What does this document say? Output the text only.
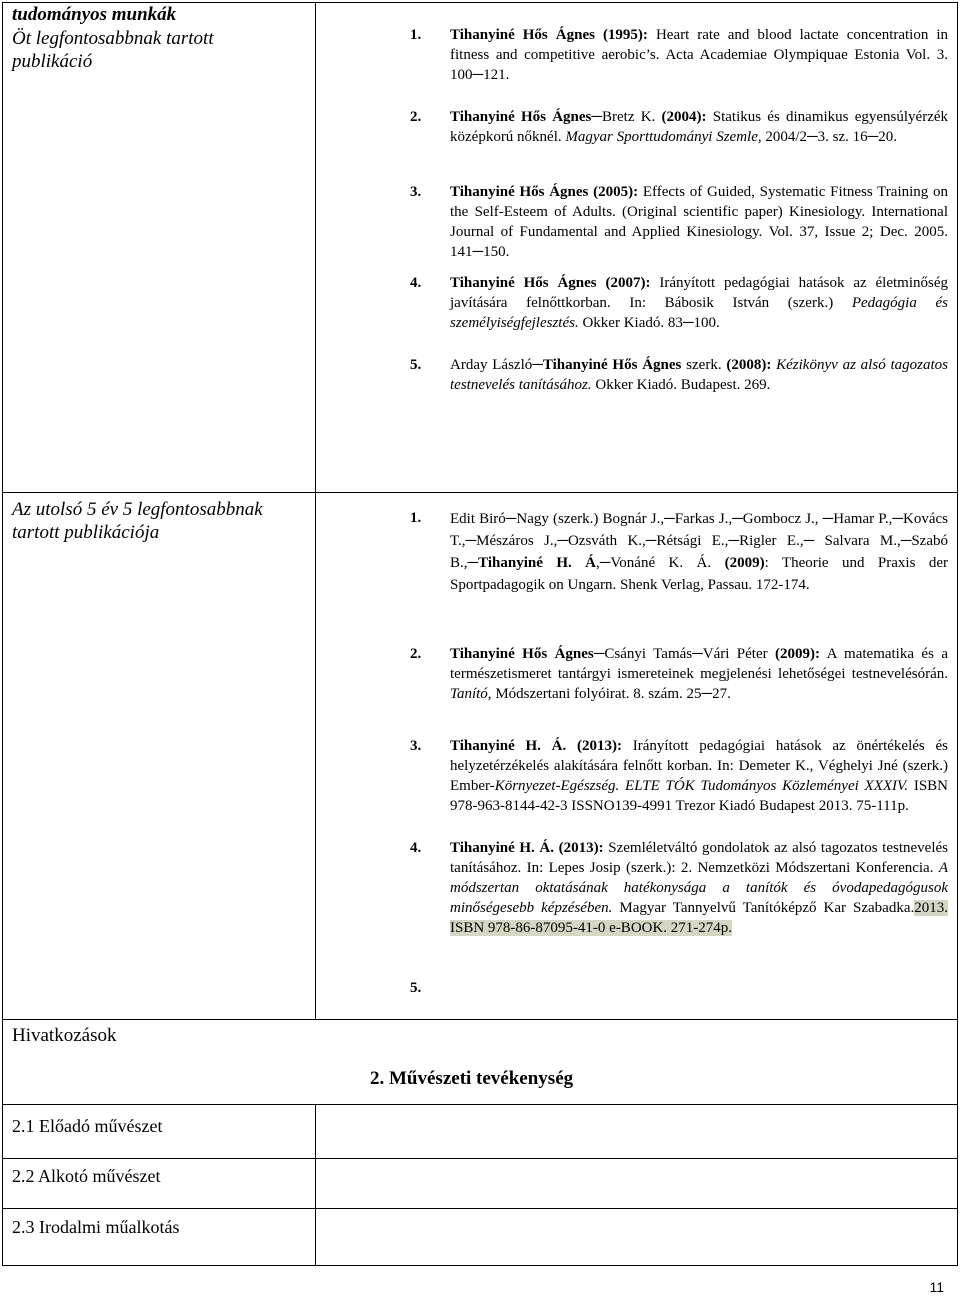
tudományos munkák
Öt legfontosabbnak tartott publikáció
1.	Tihanyiné Hős Ágnes (1995): Heart rate and blood lactate concentration in fitness and competitive aerobic’s. Acta Academiae Olympiquae Estonia Vol. 3. 100─121.
2.	Tihanyiné Hős Ágnes─Bretz K. (2004): Statikus és dinamikus egyensúlyérzék középkorú nőknél. Magyar Sporttudományi Szemle, 2004/2─3. sz. 16─20.
3.	Tihanyiné Hős Ágnes (2005): Effects of Guided, Systematic Fitness Training on the Self-Esteem of Adults. (Original scientific paper) Kinesiology. International Journal of Fundamental and Applied Kinesiology. Vol. 37, Issue 2; Dec. 2005. 141─150.
4.	Tihanyiné Hős Ágnes (2007): Irányított pedagógiai hatások az életminőség javítására felnőttkorban. In: Bábosik István (szerk.) Pedagógia és személyiségfejlesztés. Okker Kiadó. 83─100.
5.	Arday László─Tihanyiné Hős Ágnes szerk. (2008): Kézikönyv az alsó tagozatos testnevelés tanításához. Okker Kiadó. Budapest. 269.
Az utolsó 5 év 5 legfontosabbnak tartott publikációja
1.	Edit Biró─Nagy (szerk.) Bognár J.,─Farkas J.,─Gombocz J., ─Hamar P.,─Kovács T.,─Mészáros J.,─Ozsváth K.,─Rétsági E.,─Rigler E.,─ Salvara M.,─Szabó B.,─Tihanyiné H. Á,─Vonáné K. Á. (2009): Theorie und Praxis der Sportpadagogik on Ungarn. Shenk Verlag, Passau. 172-174.
2.	Tihanyiné Hős Ágnes─Csányi Tamás─Vári Péter (2009): A matematika és a természetismeret tantárgyi ismereteinek megjelenési lehetőségei testnevelésórán. Tanító, Módszertani folyóirat. 8. szám. 25─27.
3.	Tihanyiné H. Á. (2013): Irányított pedagógiai hatások az önértékelés és helyzetérzékelés alakítására felnőtt korban. In: Demeter K., Véghelyi Jné (szerk.) Ember-Környezet-Egészség. ELTE TÓK Tudományos Közleményei XXXIV. ISBN 978-963-8144-42-3 ISSNO139-4991 Trezor Kiadó Budapest 2013. 75-111p.
4.	Tihanyiné H. Á. (2013): Szemléletváltó gondolatok az alsó tagozatos testnevelés tanításához. In: Lepes Josip (szerk.): 2. Nemzetközi Módszertani Konferencia. A módszertan oktatásának hatékonysága a tanítók és óvodapedagógusok minőségesebb képzésében. Magyar Tannyelvű Tanítóképző Kar Szabadka.2013. ISBN 978-86-87095-41-0 e-BOOK. 271-274p.
5.
Hivatkozások
2. Művészeti tevékenység
2.1 Előadó művészet
2.2 Alkotó művészet
2.3 Irodalmi műalkotás
11
